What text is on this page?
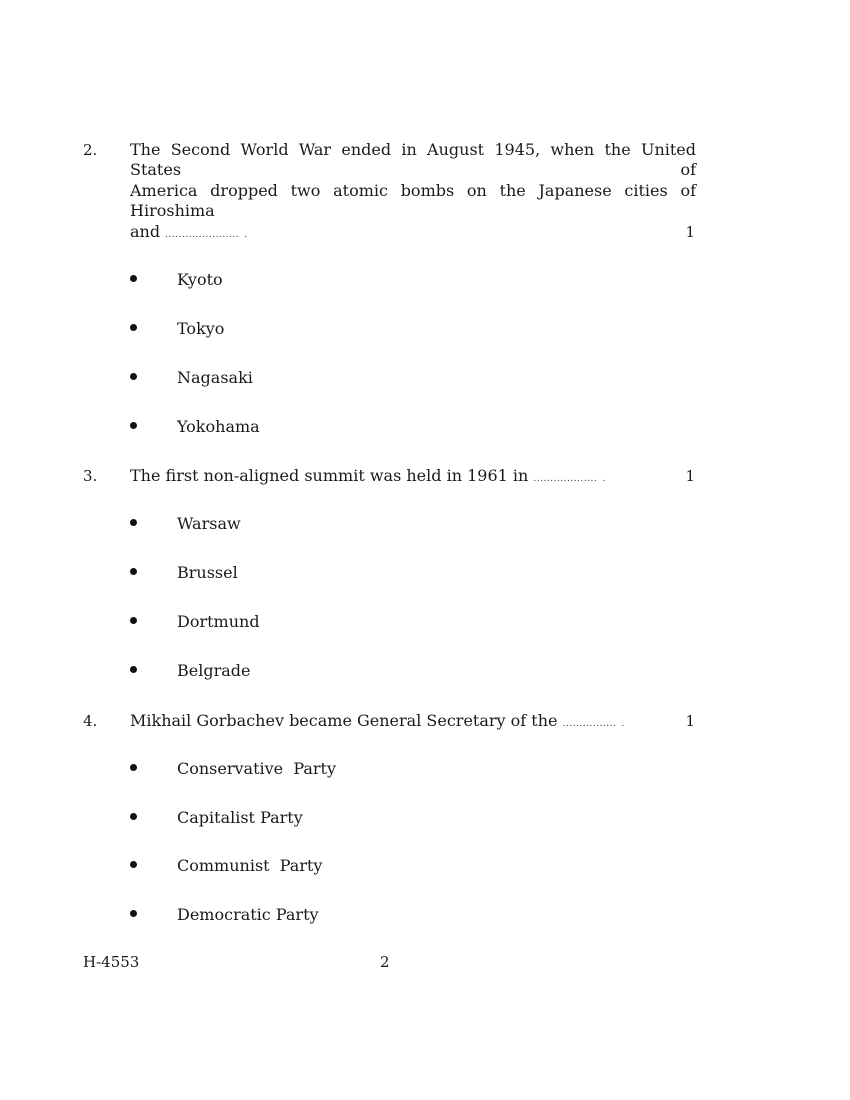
2. The Second World War ended in August 1945, when the United States of
America dropped two atomic bombs on the Japanese cities of Hiroshima
and ...................... .	1
Kyoto
Tokyo
Nagasaki
Yokohama
3. The first non-aligned summit was held in 1961 in ................... .	1
Warsaw
Brussel
Dortmund
Belgrade
4. Mikhail Gorbachev became General Secretary of the ................ .	1
Conservative  Party
Capitalist Party
Communist  Party
Democratic Party
H-4553	2
